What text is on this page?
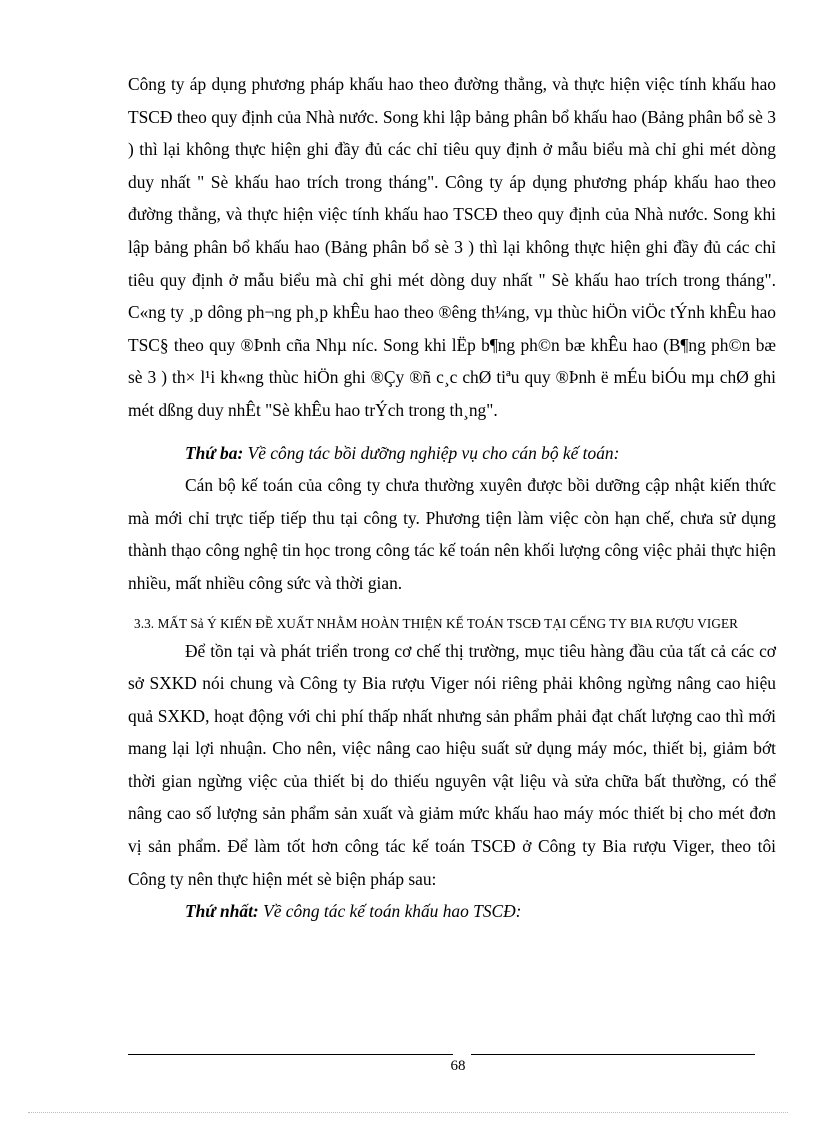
Công ty áp dụng phương pháp khấu hao theo đường thẳng, và thực hiện việc tính khấu hao TSCĐ theo quy định của Nhà nước. Song khi lập bảng phân bổ khấu hao (Bảng phân bổ sè 3 ) thì lại không thực hiện ghi đầy đủ các chỉ tiêu quy định ở mẫu biểu mà chỉ ghi mét dòng duy nhất " Sè khấu hao trích trong tháng". Công ty áp dụng phương pháp khấu hao theo đường thẳng, và thực hiện việc tính khấu hao TSCĐ theo quy định của Nhà nước. Song khi lập bảng phân bổ khấu hao (Bảng phân bổ sè 3 ) thì lại không thực hiện ghi đầy đủ các chỉ tiêu quy định ở mẫu biểu mà chỉ ghi mét dòng duy nhất " Sè khấu hao trích trong tháng". C«ng ty ¸p dông ph¬ng ph¸p khÊu hao theo ®êng th¼ng, vµ thùc hiÖn viÖc tÝnh khÊu hao TSC§ theo quy ®Þnh cña Nhµ níc. Song khi lËp b¶ng ph©n bæ khÊu hao (B¶ng ph©n bæ sè 3 ) th× l¹i kh«ng thùc hiÖn ghi ®Çy ®ñ c¸c chØ tiªu quy ®Þnh ë mÉu biÓu mµ chØ ghi mét dßng duy nhÊt "Sè khÊu hao trÝch trong th¸ng".

Thứ ba: Về công tác bồi dưỡng nghiệp vụ cho cán bộ kế toán:

Cán bộ kế toán của công ty chưa thường xuyên được bồi dưỡng cập nhật kiến thức mà mới chỉ trực tiếp tiếp thu tại công ty. Phương tiện làm việc còn hạn chế, chưa sử dụng thành thạo công nghệ tin học trong công tác kế toán nên khối lượng công việc phải thực hiện nhiều, mất nhiều công sức và thời gian.

3.3. MẤT Sả Ý KIẾN ĐỀ XUẤT NHẰM HOÀN THIỆN KẾ TOÁN TSCĐ TẠI CẾNG TY BIA RƯỢU VIGER

Để tồn tại và phát triển trong cơ chế thị trường, mục tiêu hàng đầu của tất cả các cơ sở SXKD nói chung và Công ty Bia rượu Viger nói riêng phải không ngừng nâng cao hiệu quả SXKD, hoạt động với chi phí thấp nhất nhưng sản phẩm phải đạt chất lượng cao thì mới mang lại lợi nhuận. Cho nên, việc nâng cao hiệu suất sử dụng máy móc, thiết bị, giảm bớt thời gian ngừng việc của thiết bị do thiếu nguyên vật liệu và sửa chữa bất thường, có thể nâng cao số lượng sản phẩm sản xuất và giảm mức khấu hao máy móc thiết bị cho mét đơn vị sản phẩm. Để làm tốt hơn công tác kế toán TSCĐ ở Công ty Bia rượu Viger, theo tôi Công ty nên thực hiện mét sè biện pháp sau:

Thứ nhất: Về công tác kế toán khấu hao TSCĐ:

68
